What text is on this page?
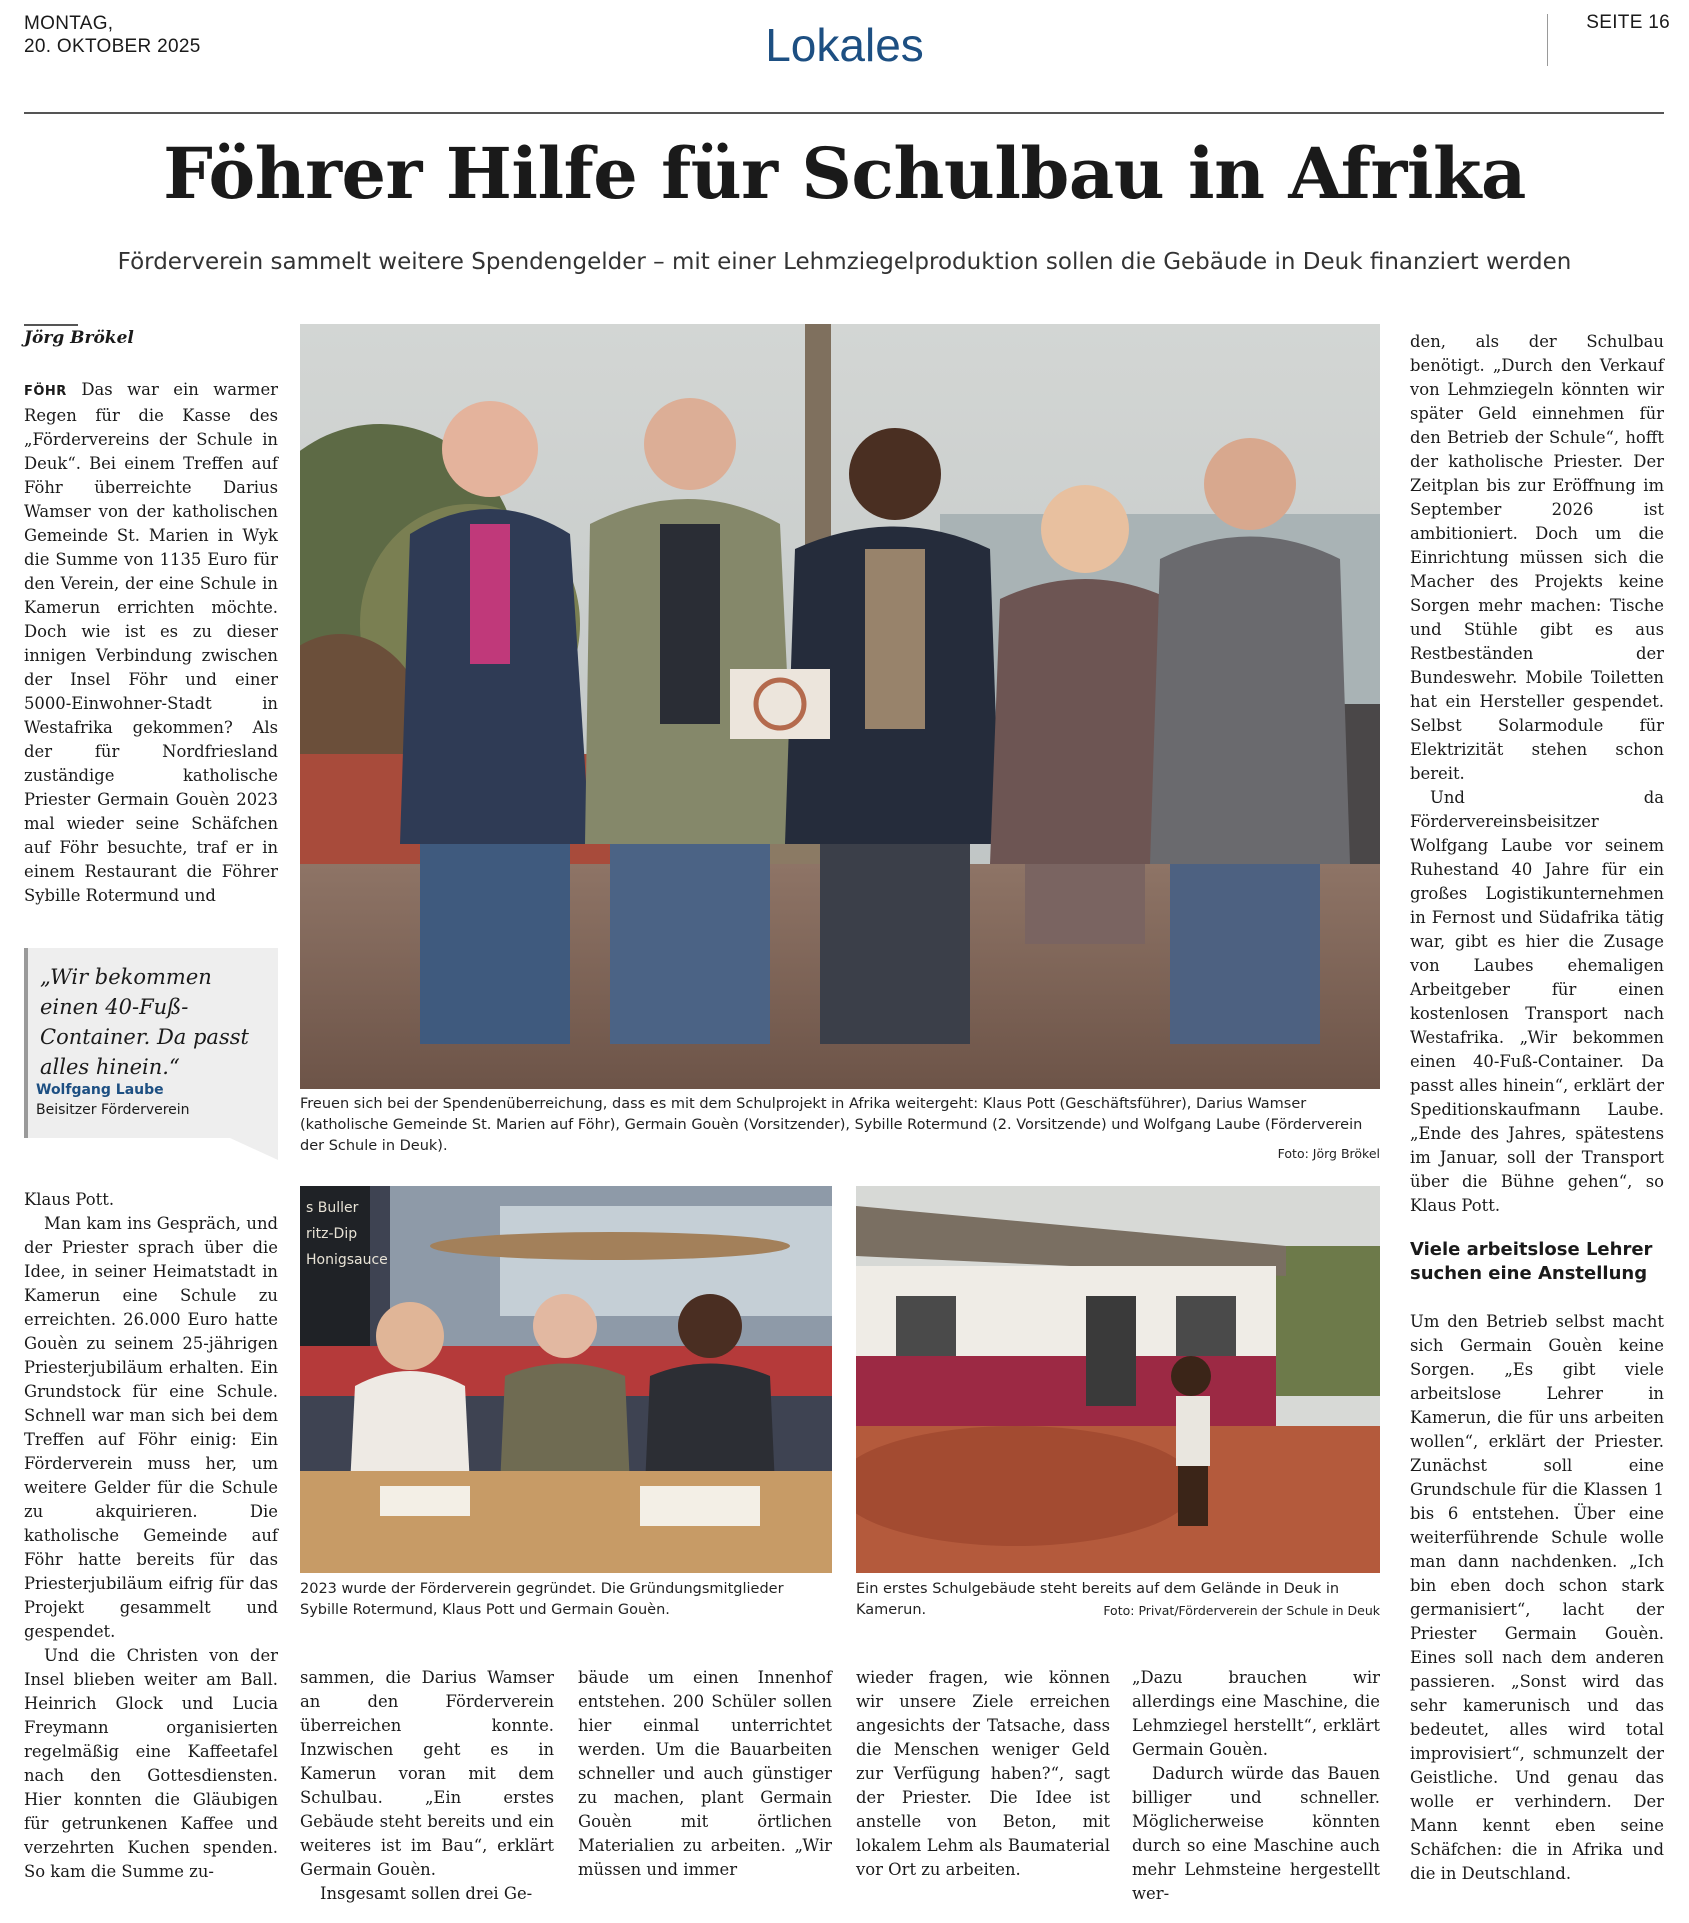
MONTAG,
20. OKTOBER 2025	Lokales	SEITE 16
Föhrer Hilfe für Schulbau in Afrika
Förderverein sammelt weitere Spendengelder – mit einer Lehmziegelproduktion sollen die Gebäude in Deuk finanziert werden
Jörg Brökel

FÖHR Das war ein warmer Regen für die Kasse des „Fördervereins der Schule in Deuk“. Bei einem Treffen auf Föhr überreichte Darius Wamser von der katholischen Gemeinde St. Marien in Wyk die Summe von 1135 Euro für den Verein, der eine Schule in Kamerun errichten möchte. Doch wie ist es zu dieser innigen Verbindung zwischen der Insel Föhr und einer 5000-Einwohner-Stadt in Westafrika gekommen? Als der für Nordfriesland zuständige katholische Priester Germain Gouèn 2023 mal wieder seine Schäfchen auf Föhr besuchte, traf er in einem Restaurant die Föhrer Sybille Rotermund und

„Wir bekommen einen 40-Fuß-Container. Da passt alles hinein.“
Wolfgang Laube
Beisitzer Förderverein

Klaus Pott.

Man kam ins Gespräch, und der Priester sprach über die Idee, in seiner Heimatstadt in Kamerun eine Schule zu erreichten. 26.000 Euro hatte Gouèn zu seinem 25-jährigen Priesterjubiläum erhalten. Ein Grundstock für eine Schule. Schnell war man sich bei dem Treffen auf Föhr einig: Ein Förderverein muss her, um weitere Gelder für die Schule zu akquirieren. Die katholische Gemeinde auf Föhr hatte bereits für das Priesterjubiläum eifrig für das Projekt gesammelt und gespendet.

Und die Christen von der Insel blieben weiter am Ball. Heinrich Glock und Lucia Freymann organisierten regelmäßig eine Kaffeetafel nach den Gottesdiensten. Hier konnten die Gläubigen für getrunkenen Kaffee und verzehrten Kuchen spenden. So kam die Summe zu-

Freuen sich bei der Spendenüberreichung, dass es mit dem Schulprojekt in Afrika weitergeht: Klaus Pott (Geschäftsführer), Darius Wamser (katholische Gemeinde St. Marien auf Föhr), Germain Gouèn (Vorsitzender), Sybille Rotermund (2. Vorsitzende) und Wolfgang Laube (Förderverein der Schule in Deuk).	Foto: Jörg Brökel
s Buller
ritz-Dip
Honigsauce
2023 wurde der Förderverein gegründet. Die Gründungsmitglieder Sybille Rotermund, Klaus Pott und Germain Gouèn.
Ein erstes Schulgebäude steht bereits auf dem Gelände in Deuk in Kamerun.	Foto: Privat/Förderverein der Schule in Deuk

sammen, die Darius Wamser an den Förderverein überreichen konnte. Inzwischen geht es in Kamerun voran mit dem Schulbau. „Ein erstes Gebäude steht bereits und ein weiteres ist im Bau“, erklärt Germain Gouèn.

Insgesamt sollen drei Ge-

bäude um einen Innenhof entstehen. 200 Schüler sollen hier einmal unterrichtet werden. Um die Bauarbeiten schneller und auch günstiger zu machen, plant Germain Gouèn mit örtlichen Materialien zu arbeiten. „Wir müssen und immer

wieder fragen, wie können wir unsere Ziele erreichen angesichts der Tatsache, dass die Menschen weniger Geld zur Verfügung haben?“, sagt der Priester. Die Idee ist anstelle von Beton, mit lokalem Lehm als Baumaterial vor Ort zu arbeiten.

„Dazu brauchen wir allerdings eine Maschine, die Lehmziegel herstellt“, erklärt Germain Gouèn.

Dadurch würde das Bauen billiger und schneller. Möglicherweise könnten durch so eine Maschine auch mehr Lehmsteine hergestellt wer-

den, als der Schulbau benötigt. „Durch den Verkauf von Lehmziegeln könnten wir später Geld einnehmen für den Betrieb der Schule“, hofft der katholische Priester. Der Zeitplan bis zur Eröffnung im September 2026 ist ambitioniert. Doch um die Einrichtung müssen sich die Macher des Projekts keine Sorgen mehr machen: Tische und Stühle gibt es aus Restbeständen der Bundeswehr. Mobile Toiletten hat ein Hersteller gespendet. Selbst Solarmodule für Elektrizität stehen schon bereit.

Und da Fördervereinsbeisitzer Wolfgang Laube vor seinem Ruhestand 40 Jahre für ein großes Logistikunternehmen in Fernost und Südafrika tätig war, gibt es hier die Zusage von Laubes ehemaligen Arbeitgeber für einen kostenlosen Transport nach Westafrika. „Wir bekommen einen 40-Fuß-Container. Da passt alles hinein“, erklärt der Speditionskaufmann Laube. „Ende des Jahres, spätestens im Januar, soll der Transport über die Bühne gehen“, so Klaus Pott.

Viele arbeitslose Lehrer suchen eine Anstellung

Um den Betrieb selbst macht sich Germain Gouèn keine Sorgen. „Es gibt viele arbeitslose Lehrer in Kamerun, die für uns arbeiten wollen“, erklärt der Priester. Zunächst soll eine Grundschule für die Klassen 1 bis 6 entstehen. Über eine weiterführende Schule wolle man dann nachdenken. „Ich bin eben doch schon stark germanisiert“, lacht der Priester Germain Gouèn. Eines soll nach dem anderen passieren. „Sonst wird das sehr kamerunisch und das bedeutet, alles wird total improvisiert“, schmunzelt der Geistliche. Und genau das wolle er verhindern. Der Mann kennt eben seine Schäfchen: die in Afrika und die in Deutschland.
